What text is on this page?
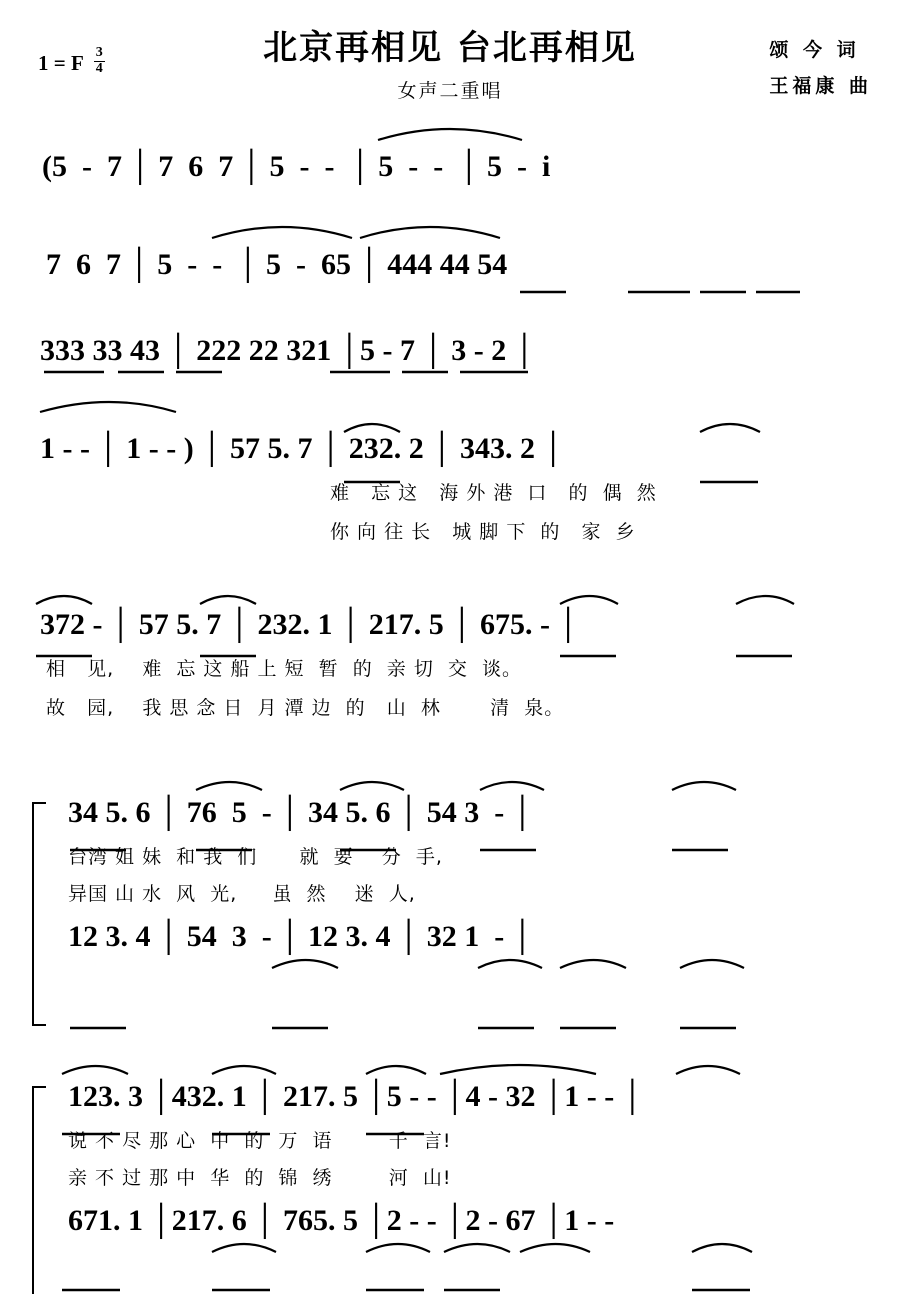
北京再相见 台北再相见
女声二重唱
1 = F $\frac{3}{4}$	颂 今 词
王福康 曲
(5  -  7 │ 7  6  7 │ 5  -  -  │ 5  -  -  │ 5  -  i
7  6  7 │ 5  -  -  │ 5  -  65 │ 444 44 54
333 33 43 │ 222 22 321 │5 - 7 │ 3 - 2 │
1 - - │ 1 - - ) │ 57 5. 7 │ 232. 2 │ 343. 2 │
难   忘 这   海 外 港  口   的  偶  然
你 向 往 长   城 脚 下  的   家  乡
372 - │ 57 5. 7 │ 232. 1 │ 217. 5 │ 675. - │
相   见,    难  忘 这 船 上 短  暂  的  亲 切  交  谈。
故   园,    我 思 念 日  月 潭 边  的   山  林       清  泉。
34 5. 6 │ 76  5  - │ 34 5. 6 │ 54 3  - │
台湾 姐 妹  和 我  们      就  要    分  手,
异国 山 水  风  光,     虽  然    迷  人,
12 3. 4 │ 54  3  - │ 12 3. 4 │ 32 1  - │
123. 3 │432. 1 │ 217. 5 │5 - - │4 - 32 │1 - - │
说 不 尽 那 心  中  的  万  语        千  言!
亲 不 过 那 中  华  的  锦  绣        河  山!
671. 1 │217. 6 │ 765. 5 │2 - - │2 - 67 │1 - -
